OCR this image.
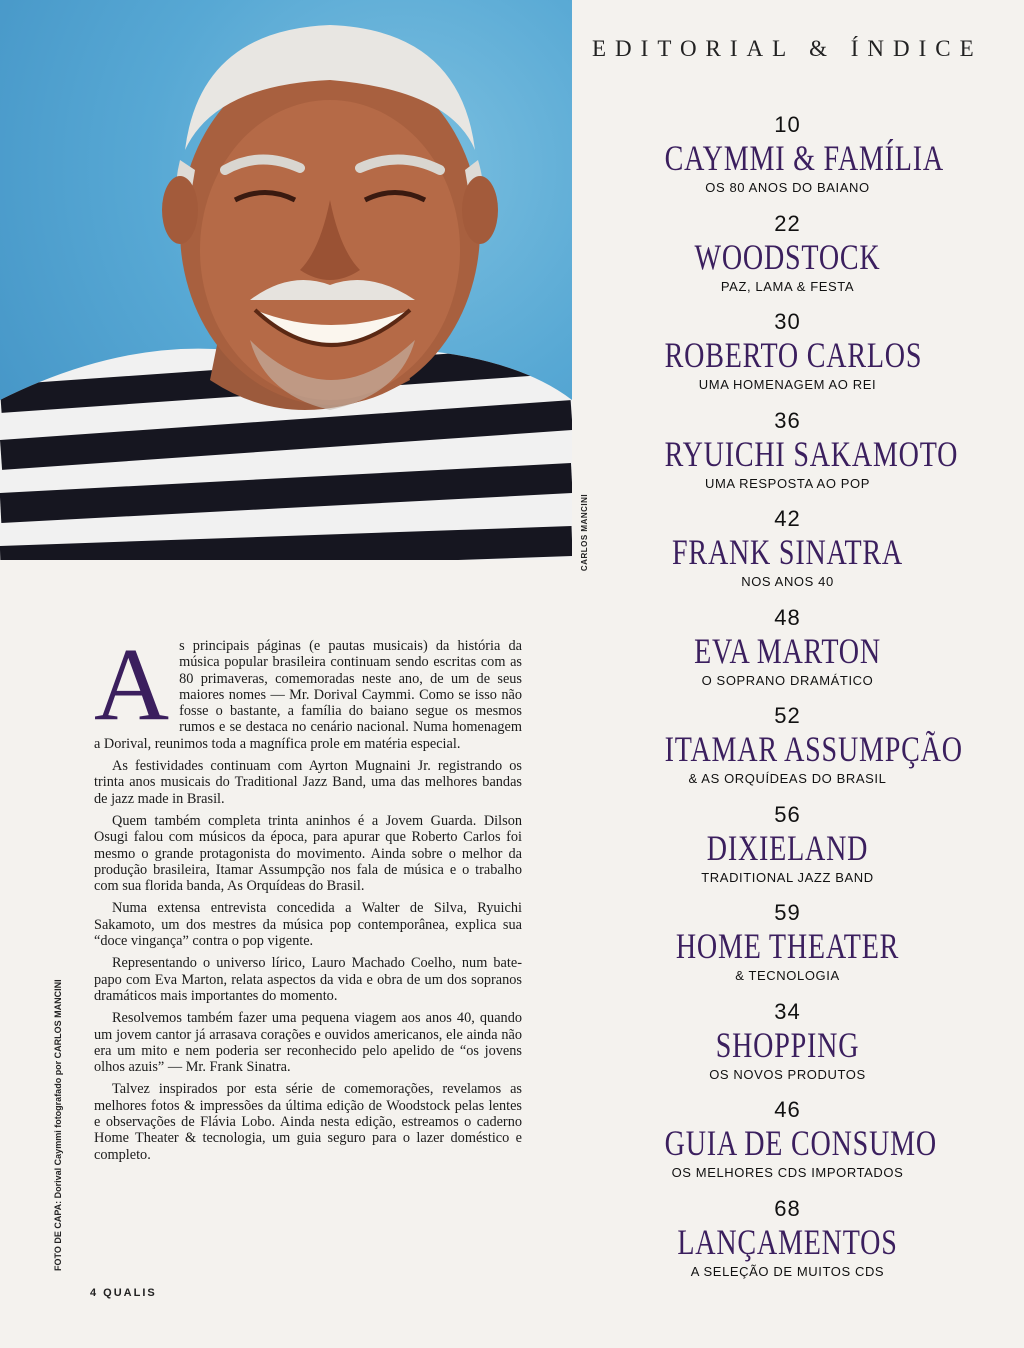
CARLOS MANCINI
FOTO DE CAPA: Dorival Caymmi fotografado por CARLOS MANCINI
EDITORIAL & ÍNDICE
10
CAYMMI & FAMÍLIA
OS 80 ANOS DO BAIANO
22
WOODSTOCK
PAZ, LAMA & FESTA
30
ROBERTO CARLOS
UMA HOMENAGEM AO REI
36
RYUICHI SAKAMOTO
UMA RESPOSTA AO POP
42
FRANK SINATRA
NOS ANOS 40
48
EVA MARTON
O SOPRANO DRAMÁTICO
52
ITAMAR ASSUMPÇÃO
& AS ORQUÍDEAS DO BRASIL
56
DIXIELAND
TRADITIONAL JAZZ BAND
59
HOME THEATER
& TECNOLOGIA
34
SHOPPING
OS NOVOS PRODUTOS
46
GUIA DE CONSUMO
OS MELHORES CDS IMPORTADOS
68
LANÇAMENTOS
A SELEÇÃO DE MUITOS CDS

As principais páginas (e pautas musicais) da história da música popular brasileira continuam sendo escritas com as 80 primaveras, comemoradas neste ano, de um de seus maiores nomes — Mr. Dorival Caymmi. Como se isso não fosse o bastante, a família do baiano segue os mesmos rumos e se destaca no cenário nacional. Numa homenagem a Dorival, reunimos toda a magnífica prole em matéria especial.

As festividades continuam com Ayrton Mugnaini Jr. registrando os trinta anos musicais do Traditional Jazz Band, uma das melhores bandas de jazz made in Brasil.

Quem também completa trinta aninhos é a Jovem Guarda. Dilson Osugi falou com músicos da época, para apurar que Roberto Carlos foi mesmo o grande protagonista do movimento. Ainda sobre o melhor da produção brasileira, Itamar Assumpção nos fala de música e o trabalho com sua florida banda, As Orquídeas do Brasil.

Numa extensa entrevista concedida a Walter de Silva, Ryuichi Sakamoto, um dos mestres da música pop contemporânea, explica sua “doce vingança” contra o pop vigente.

Representando o universo lírico, Lauro Machado Coelho, num bate-papo com Eva Marton, relata aspectos da vida e obra de um dos sopranos dramáticos mais importantes do momento.

Resolvemos também fazer uma pequena viagem aos anos 40, quando um jovem cantor já arrasava corações e ouvidos americanos, ele ainda não era um mito e nem poderia ser reconhecido pelo apelido de “os jovens olhos azuis” — Mr. Frank Sinatra.

Talvez inspirados por esta série de comemorações, revelamos as melhores fotos & impressões da última edição de Woodstock pelas lentes e observações de Flávia Lobo. Ainda nesta edição, estreamos o caderno Home Theater & tecnologia, um guia seguro para o lazer doméstico e completo.

4 QUALIS
